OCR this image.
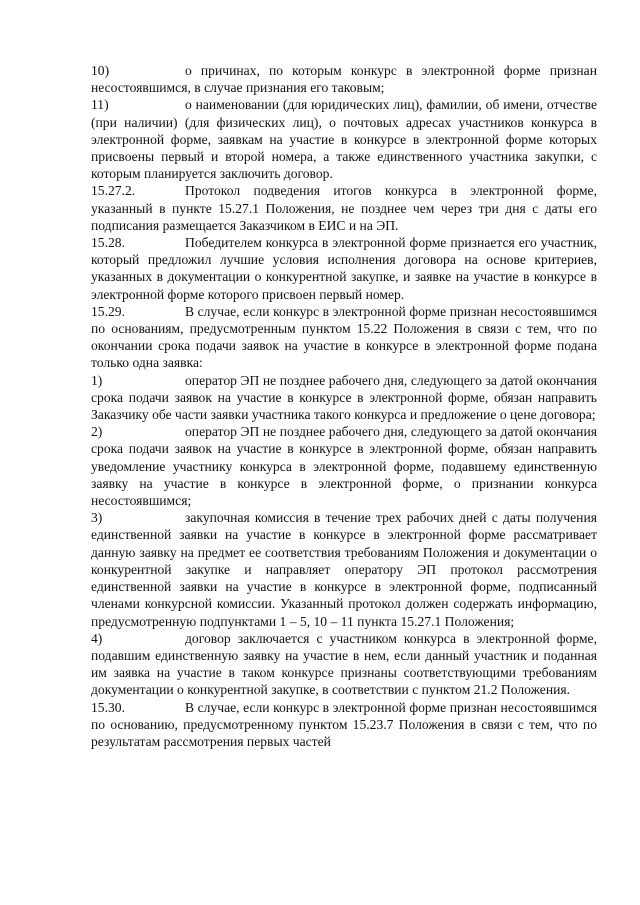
10)	о причинах, по которым конкурс в электронной форме признан несостоявшимся, в случае признания его таковым;

11)	о наименовании (для юридических лиц), фамилии, об имени, отчестве (при наличии) (для физических лиц), о почтовых адресах участников конкурса в электронной форме, заявкам на участие в конкурсе в электронной форме которых присвоены первый и второй номера, а также единственного участника закупки, с которым планируется заключить договор.

15.27.2.	Протокол подведения итогов конкурса в электронной форме, указанный в пункте 15.27.1 Положения, не позднее чем через три дня с даты его подписания размещается Заказчиком в ЕИС и на ЭП.

15.28.	Победителем конкурса в электронной форме признается его участник, который предложил лучшие условия исполнения договора на основе критериев, указанных в документации о конкурентной закупке, и заявке на участие в конкурсе в электронной форме которого присвоен первый номер.

15.29.	В случае, если конкурс в электронной форме признан несостоявшимся по основаниям, предусмотренным пунктом 15.22 Положения в связи с тем, что по окончании срока подачи заявок на участие в конкурсе в электронной форме подана только одна заявка:

1)	оператор ЭП не позднее рабочего дня, следующего за датой окончания срока подачи заявок на участие в конкурсе в электронной форме, обязан направить Заказчику обе части заявки участника такого конкурса и предложение о цене договора;

2)	оператор ЭП не позднее рабочего дня, следующего за датой окончания срока подачи заявок на участие в конкурсе в электронной форме, обязан направить уведомление участнику конкурса в электронной форме, подавшему единственную заявку на участие в конкурсе в электронной форме, о признании конкурса несостоявшимся;

3)	закупочная комиссия в течение трех рабочих дней с даты получения единственной заявки на участие в конкурсе в электронной форме рассматривает данную заявку на предмет ее соответствия требованиям Положения и документации о конкурентной закупке и направляет оператору ЭП протокол рассмотрения единственной заявки на участие в конкурсе в электронной форме, подписанный членами конкурсной комиссии. Указанный протокол должен содержать информацию, предусмотренную подпунктами 1 – 5, 10 – 11 пункта 15.27.1 Положения;

4)	договор заключается с участником конкурса в электронной форме, подавшим единственную заявку на участие в нем, если данный участник и поданная им заявка на участие в таком конкурсе признаны соответствующими требованиям документации о конкурентной закупке, в соответствии с пунктом 21.2 Положения.

15.30.	В случае, если конкурс в электронной форме признан несостоявшимся по основанию, предусмотренному пунктом 15.23.7 Положения в связи с тем, что по результатам рассмотрения первых частей
